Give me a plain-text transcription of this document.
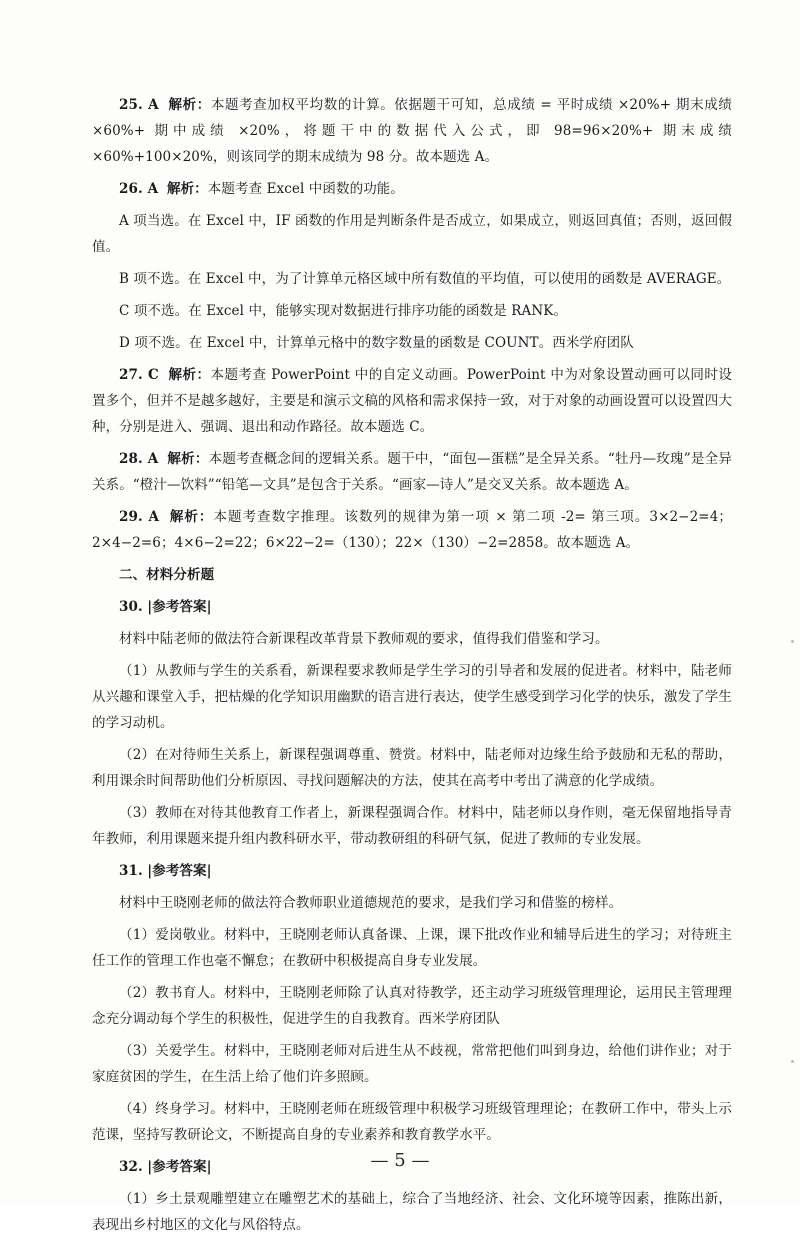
25. A 解析：本题考查加权平均数的计算。依据题干可知，总成绩 = 平时成绩 ×20%+ 期末成绩 ×60%+ 期中成绩 ×20%，将题干中的数据代入公式，即 98=96×20%+ 期末成绩 ×60%+100×20%，则该同学的期末成绩为 98 分。故本题选 A。

26. A 解析：本题考查 Excel 中函数的功能。

A 项当选。在 Excel 中，IF 函数的作用是判断条件是否成立，如果成立，则返回真值；否则，返回假值。

B 项不选。在 Excel 中，为了计算单元格区域中所有数值的平均值，可以使用的函数是 AVERAGE。

C 项不选。在 Excel 中，能够实现对数据进行排序功能的函数是 RANK。

D 项不选。在 Excel 中，计算单元格中的数字数量的函数是 COUNT。西米学府团队

27. C 解析：本题考查 PowerPoint 中的自定义动画。PowerPoint 中为对象设置动画可以同时设置多个，但并不是越多越好，主要是和演示文稿的风格和需求保持一致，对于对象的动画设置可以设置四大种，分别是进入、强调、退出和动作路径。故本题选 C。

28. A 解析：本题考查概念间的逻辑关系。题干中，“面包—蛋糕”是全异关系。“牡丹—玫瑰”是全异关系。“橙汁—饮料”“铅笔—文具”是包含于关系。“画家—诗人”是交叉关系。故本题选 A。

29. A 解析：本题考查数字推理。该数列的规律为第一项 × 第二项 -2= 第三项。3×2−2=4；2×4−2=6；4×6−2=22；6×22−2=（130）；22×（130）−2=2858。故本题选 A。

二、材料分析题

30. |参考答案|

材料中陆老师的做法符合新课程改革背景下教师观的要求，值得我们借鉴和学习。

（1）从教师与学生的关系看，新课程要求教师是学生学习的引导者和发展的促进者。材料中，陆老师从兴趣和课堂入手，把枯燥的化学知识用幽默的语言进行表达，使学生感受到学习化学的快乐，激发了学生的学习动机。

（2）在对待师生关系上，新课程强调尊重、赞赏。材料中，陆老师对边缘生给予鼓励和无私的帮助，利用课余时间帮助他们分析原因、寻找问题解决的方法，使其在高考中考出了满意的化学成绩。

（3）教师在对待其他教育工作者上，新课程强调合作。材料中，陆老师以身作则，毫无保留地指导青年教师，利用课题来提升组内教科研水平，带动教研组的科研气氛，促进了教师的专业发展。

31. |参考答案|

材料中王晓刚老师的做法符合教师职业道德规范的要求，是我们学习和借鉴的榜样。

（1）爱岗敬业。材料中，王晓刚老师认真备课、上课，课下批改作业和辅导后进生的学习；对待班主任工作的管理工作也毫不懈怠；在教研中积极提高自身专业发展。

（2）教书育人。材料中，王晓刚老师除了认真对待教学，还主动学习班级管理理论，运用民主管理理念充分调动每个学生的积极性，促进学生的自我教育。西米学府团队

（3）关爱学生。材料中，王晓刚老师对后进生从不歧视，常常把他们叫到身边，给他们讲作业；对于家庭贫困的学生，在生活上给了他们许多照顾。

（4）终身学习。材料中，王晓刚老师在班级管理中积极学习班级管理理论；在教研工作中，带头上示范课，坚持写教研论文，不断提高自身的专业素养和教育教学水平。

32. |参考答案|

（1）乡土景观雕塑建立在雕塑艺术的基础上，综合了当地经济、社会、文化环境等因素，推陈出新，表现出乡村地区的文化与风俗特点。

— 5 —
